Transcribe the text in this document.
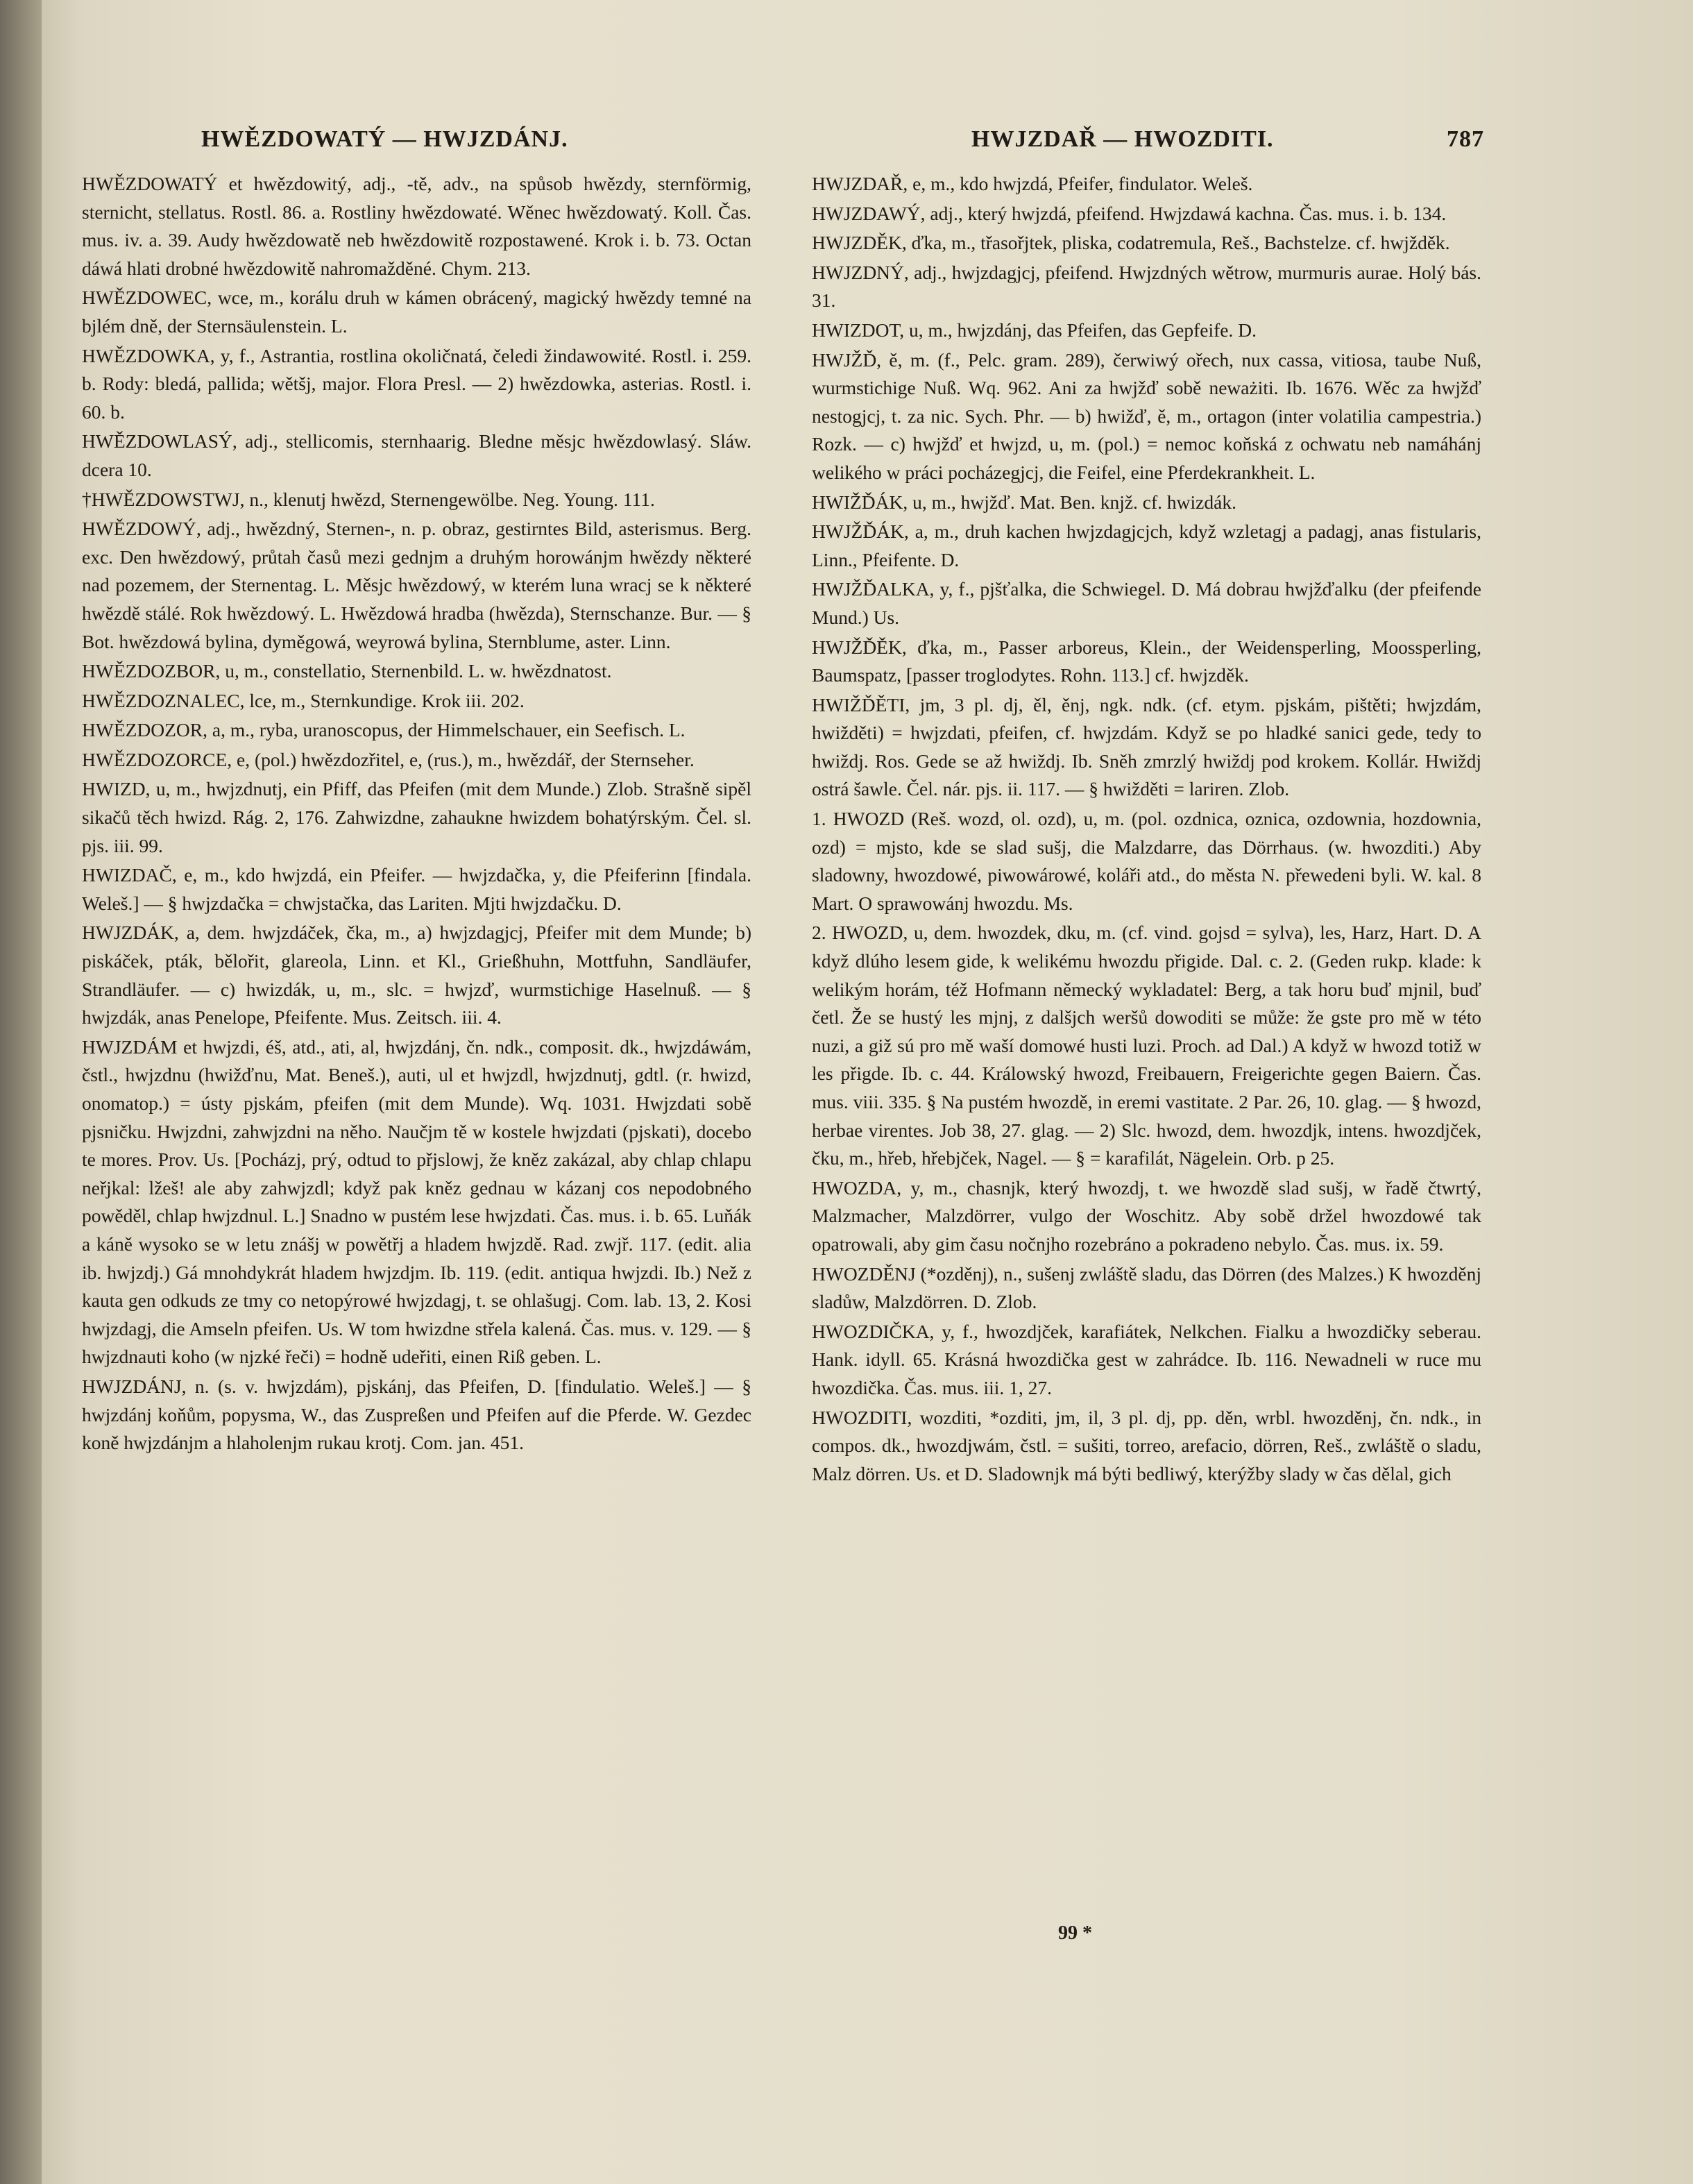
HWĚZDOWATÝ — HWJZDÁNJ.	HWJZDAŘ — HWOZDITI.	787

HWĚZDOWATÝ et hwězdowitý, adj., -tě, adv., na spůsob hwězdy, sternförmig, sternicht, stellatus. Rostl. 86. a. Rostliny hwězdowaté. Wěnec hwězdowatý. Koll. Čas. mus. iv. a. 39. Audy hwězdowatě neb hwězdowitě rozpostawené. Krok i. b. 73. Octan dáwá hlati drobné hwězdowitě nahromažděné. Chym. 213.

HWĚZDOWEC, wce, m., korálu druh w kámen obrácený, magický hwězdy temné na bjlém dně, der Sternsäulenstein. L.

HWĚZDOWKA, y, f., Astrantia, rostlina okoličnatá, čeledi žindawowité. Rostl. i. 259. b. Rody: bledá, pallida; wětšj, major. Flora Presl. — 2) hwězdowka, asterias. Rostl. i. 60. b.

HWĚZDOWLASÝ, adj., stellicomis, sternhaarig. Bledne měsjc hwězdowlasý. Sláw. dcera 10.

†HWĚZDOWSTWJ, n., klenutj hwězd, Sternengewölbe. Neg. Young. 111.

HWĚZDOWÝ, adj., hwězdný, Sternen-, n. p. obraz, gestirntes Bild, asterismus. Berg. exc. Den hwězdowý, průtah časů mezi gednjm a druhým horowánjm hwězdy některé nad pozemem, der Sternentag. L. Měsjc hwězdowý, w kterém luna wracj se k některé hwězdě stálé. Rok hwězdowý. L. Hwězdowá hradba (hwězda), Sternschanze. Bur. — § Bot. hwězdowá bylina, dyměgowá, weyrowá bylina, Sternblume, aster. Linn.

HWĚZDOZBOR, u, m., constellatio, Sternenbild. L. w. hwězdnatost.

HWĚZDOZNALEC, lce, m., Sternkundige. Krok iii. 202.

HWĚZDOZOR, a, m., ryba, uranoscopus, der Himmelschauer, ein Seefisch. L.

HWĚZDOZORCE, e, (pol.) hwězdozřitel, e, (rus.), m., hwězdář, der Sternseher.

HWIZD, u, m., hwjzdnutj, ein Pfiff, das Pfeifen (mit dem Munde.) Zlob. Strašně sipěl sikačů těch hwizd. Rág. 2, 176. Zahwizdne, zahaukne hwizdem bohatýrským. Čel. sl. pjs. iii. 99.

HWIZDAČ, e, m., kdo hwjzdá, ein Pfeifer. — hwjzdačka, y, die Pfeiferinn [findala. Weleš.] — § hwjzdačka = chwjstačka, das Lariten. Mjti hwjzdačku. D.

HWJZDÁK, a, dem. hwjzdáček, čka, m., a) hwjzdagjcj, Pfeifer mit dem Munde; b) piskáček, pták, bělořit, glareola, Linn. et Kl., Grießhuhn, Mottfuhn, Sandläufer, Strandläufer. — c) hwizdák, u, m., slc. = hwjzď, wurmstichige Haselnuß. — § hwjzdák, anas Penelope, Pfeifente. Mus. Zeitsch. iii. 4.

HWJZDÁM et hwjzdi, éš, atd., ati, al, hwjzdánj, čn. ndk., composit. dk., hwjzdáwám, čstl., hwjzdnu (hwižďnu, Mat. Beneš.), auti, ul et hwjzdl, hwjzdnutj, gdtl. (r. hwizd, onomatop.) = ústy pjskám, pfeifen (mit dem Munde). Wq. 1031. Hwjzdati sobě pjsničku. Hwjzdni, zahwjzdni na něho. Naučjm tě w kostele hwjzdati (pjskati), docebo te mores. Prov. Us. [Pocházj, prý, odtud to přjslowj, že kněz zakázal, aby chlap chlapu neřjkal: lžeš! ale aby zahwjzdl; když pak kněz gednau w kázanj cos nepodobného powěděl, chlap hwjzdnul. L.] Snadno w pustém lese hwjzdati. Čas. mus. i. b. 65. Luňák a káně wysoko se w letu znášj w powětřj a hladem hwjzdě. Rad. zwjř. 117. (edit. alia ib. hwjzdj.) Gá mnohdykrát hladem hwjzdjm. Ib. 119. (edit. antiqua hwjzdi. Ib.) Než z kauta gen odkuds ze tmy co netopýrowé hwjzdagj, t. se ohlašugj. Com. lab. 13, 2. Kosi hwjzdagj, die Amseln pfeifen. Us. W tom hwizdne střela kalená. Čas. mus. v. 129. — § hwjzdnauti koho (w njzké řeči) = hodně udeřiti, einen Riß geben. L.

HWJZDÁNJ, n. (s. v. hwjzdám), pjskánj, das Pfeifen, D. [findulatio. Weleš.] — § hwjzdánj koňům, popysma, W., das Zuspreßen und Pfeifen auf die Pferde. W. Gezdec koně hwjzdánjm a hlaholenjm rukau krotj. Com. jan. 451.

HWJZDAŘ, e, m., kdo hwjzdá, Pfeifer, findulator. Weleš.

HWJZDAWÝ, adj., který hwjzdá, pfeifend. Hwjzdawá kachna. Čas. mus. i. b. 134.

HWJZDĚK, ďka, m., třasořjtek, pliska, codatremula, Reš., Bachstelze. cf. hwjžděk.

HWJZDNÝ, adj., hwjzdagjcj, pfeifend. Hwjzdných wětrow, murmuris aurae. Holý bás. 31.

HWIZDOT, u, m., hwjzdánj, das Pfeifen, das Gepfeife. D.

HWJŽĎ, ě, m. (f., Pelc. gram. 289), čerwiwý ořech, nux cassa, vitiosa, taube Nuß, wurmstichige Nuß. Wq. 962. Ani za hwjžď sobě neważiti. Ib. 1676. Wěc za hwjžď nestogjcj, t. za nic. Sych. Phr. — b) hwižď, ě, m., ortagon (inter volatilia campestria.) Rozk. — c) hwjžď et hwjzd, u, m. (pol.) = nemoc koňská z ochwatu neb namáhánj welikého w práci pocházegjcj, die Feifel, eine Pferdekrankheit. L.

HWIŽĎÁK, u, m., hwjžď. Mat. Ben. knjž. cf. hwizdák.

HWJŽĎÁK, a, m., druh kachen hwjzdagjcjch, když wzletagj a padagj, anas fistularis, Linn., Pfeifente. D.

HWJŽĎALKA, y, f., pjšťalka, die Schwiegel. D. Má dobrau hwjžďalku (der pfeifende Mund.) Us.

HWJŽĎĚK, ďka, m., Passer arboreus, Klein., der Weidensperling, Moossperling, Baumspatz, [passer troglodytes. Rohn. 113.] cf. hwjzděk.

HWIŽĎĚTI, jm, 3 pl. dj, ěl, ěnj, ngk. ndk. (cf. etym. pjskám, pištěti; hwjzdám, hwižděti) = hwjzdati, pfeifen, cf. hwjzdám. Když se po hladké sanici gede, tedy to hwiždj. Ros. Gede se až hwiždj. Ib. Sněh zmrzlý hwiždj pod krokem. Kollár. Hwiždj ostrá šawle. Čel. nár. pjs. ii. 117. — § hwižděti = lariren. Zlob.

1. HWOZD (Reš. wozd, ol. ozd), u, m. (pol. ozdnica, oznica, ozdownia, hozdownia, ozd) = mjsto, kde se slad sušj, die Malzdarre, das Dörrhaus. (w. hwozditi.) Aby sladowny, hwozdowé, piwowárowé, koláři atd., do města N. přewedeni byli. W. kal. 8 Mart. O sprawowánj hwozdu. Ms.

2. HWOZD, u, dem. hwozdek, dku, m. (cf. vind. gojsd = sylva), les, Harz, Hart. D. A když dlúho lesem gide, k welikému hwozdu přigide. Dal. c. 2. (Geden rukp. klade: k welikým horám, též Hofmann německý wykladatel: Berg, a tak horu buď mjnil, buď četl. Že se hustý les mjnj, z dalšjch weršů dowoditi se může: že gste pro mě w této nuzi, a giž sú pro mě waší domowé husti luzi. Proch. ad Dal.) A když w hwozd totiž w les přigde. Ib. c. 44. Králowský hwozd, Freibauern, Freigerichte gegen Baiern. Čas. mus. viii. 335. § Na pustém hwozdě, in eremi vastitate. 2 Par. 26, 10. glag. — § hwozd, herbae virentes. Job 38, 27. glag. — 2) Slc. hwozd, dem. hwozdjk, intens. hwozdjček, čku, m., hřeb, hřebjček, Nagel. — § = karafilát, Nägelein. Orb. p 25.

HWOZDA, y, m., chasnjk, který hwozdj, t. we hwozdě slad sušj, w řadě čtwrtý, Malzmacher, Malzdörrer, vulgo der Woschitz. Aby sobě držel hwozdowé tak opatrowali, aby gim času nočnjho rozebráno a pokradeno nebylo. Čas. mus. ix. 59.

HWOZDĚNJ (*ozděnj), n., sušenj zwláště sladu, das Dörren (des Malzes.) K hwozděnj sladůw, Malzdörren. D. Zlob.

HWOZDIČKA, y, f., hwozdjček, karafiátek, Nelkchen. Fialku a hwozdičky seberau. Hank. idyll. 65. Krásná hwozdička gest w zahrádce. Ib. 116. Newadneli w ruce mu hwozdička. Čas. mus. iii. 1, 27.

HWOZDITI, wozditi, *ozditi, jm, il, 3 pl. dj, pp. děn, wrbl. hwozděnj, čn. ndk., in compos. dk., hwozdjwám, čstl. = sušiti, torreo, arefacio, dörren, Reš., zwláště o sladu, Malz dörren. Us. et D. Sladownjk má býti bedliwý, kterýžby slady w čas dělal, gich

99 *
